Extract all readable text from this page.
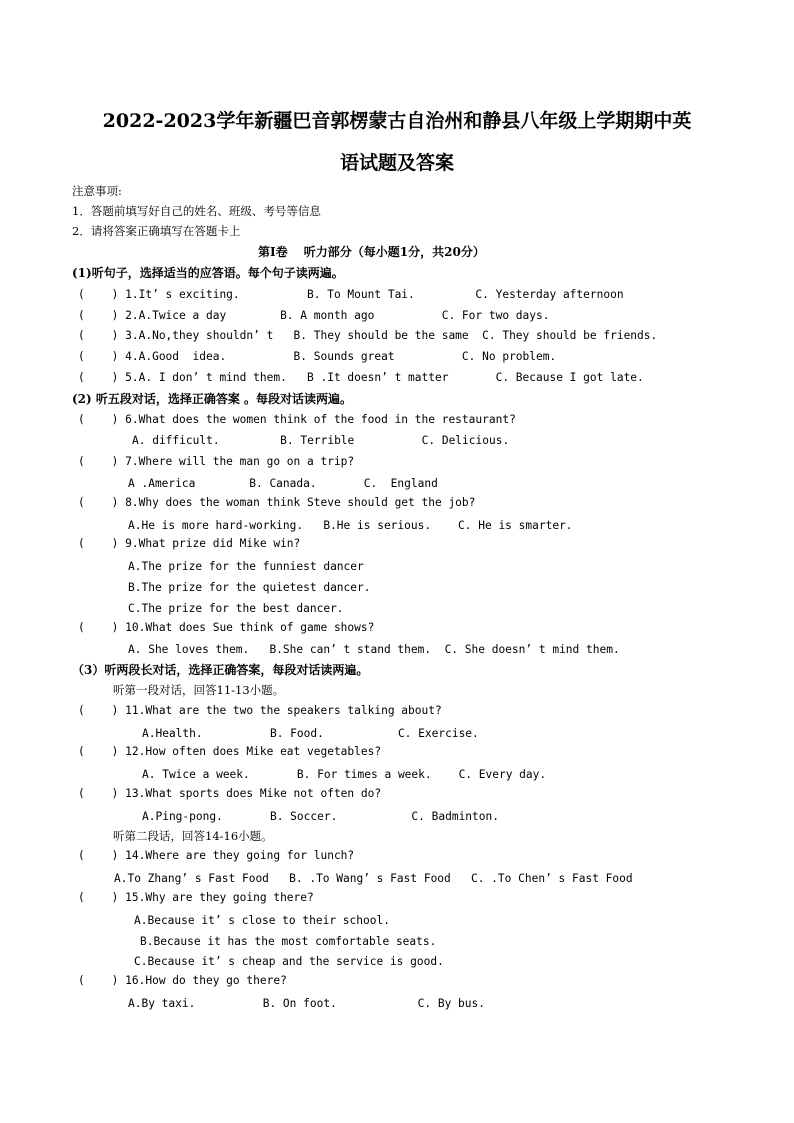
2022-2023学年新疆巴音郭楞蒙古自治州和静县八年级上学期期中英
语试题及答案
注意事项:
1．答题前填写好自己的姓名、班级、考号等信息
2．请将答案正确填写在答题卡上
第Ⅰ卷　 听力部分（每小题1分，共20分）
(1)听句子，选择适当的应答语。每个句子读两遍。
(    ) 1.It’ s exciting.          B. To Mount Tai.         C. Yesterday afternoon
(    ) 2.A.Twice a day        B. A month ago          C. For two days.
(    ) 3.A.No,they shouldn’ t   B. They should be the same  C. They should be friends.
(    ) 4.A.Good  idea.          B. Sounds great          C. No problem.
(    ) 5.A. I don’ t mind them.   B .It doesn’ t matter       C. Because I got late.
(2) 听五段对话，选择正确答案 。每段对话读两遍。
(    ) 6.What does the women think of the food in the restaurant?
A. difficult.         B. Terrible          C. Delicious.
(    ) 7.Where will the man go on a trip?
A .America        B. Canada.       C.  England
(    ) 8.Why does the woman think Steve should get the job?
A.He is more hard-working.   B.He is serious.    C. He is smarter.
(    ) 9.What prize did Mike win?
A.The prize for the funniest dancer
B.The prize for the quietest dancer.
C.The prize for the best dancer.
(    ) 10.What does Sue think of game shows?
A. She loves them.   B.She can’ t stand them.  C. She doesn’ t mind them.
（3）听两段长对话，选择正确答案，每段对话读两遍。
听第一段对话，回答11-13小题。
(    ) 11.What are the two the speakers talking about?
A.Health.          B. Food.           C. Exercise.
(    ) 12.How often does Mike eat vegetables?
A. Twice a week.       B. For times a week.    C. Every day.
(    ) 13.What sports does Mike not often do?
A.Ping-pong.       B. Soccer.           C. Badminton.
听第二段话，回答14-16小题。
(    ) 14.Where are they going for lunch?
A.To Zhang’ s Fast Food   B. .To Wang’ s Fast Food   C. .To Chen’ s Fast Food
(    ) 15.Why are they going there?
A.Because it’ s close to their school.
B.Because it has the most comfortable seats.
C.Because it’ s cheap and the service is good.
(    ) 16.How do they go there?
A.By taxi.          B. On foot.            C. By bus.
